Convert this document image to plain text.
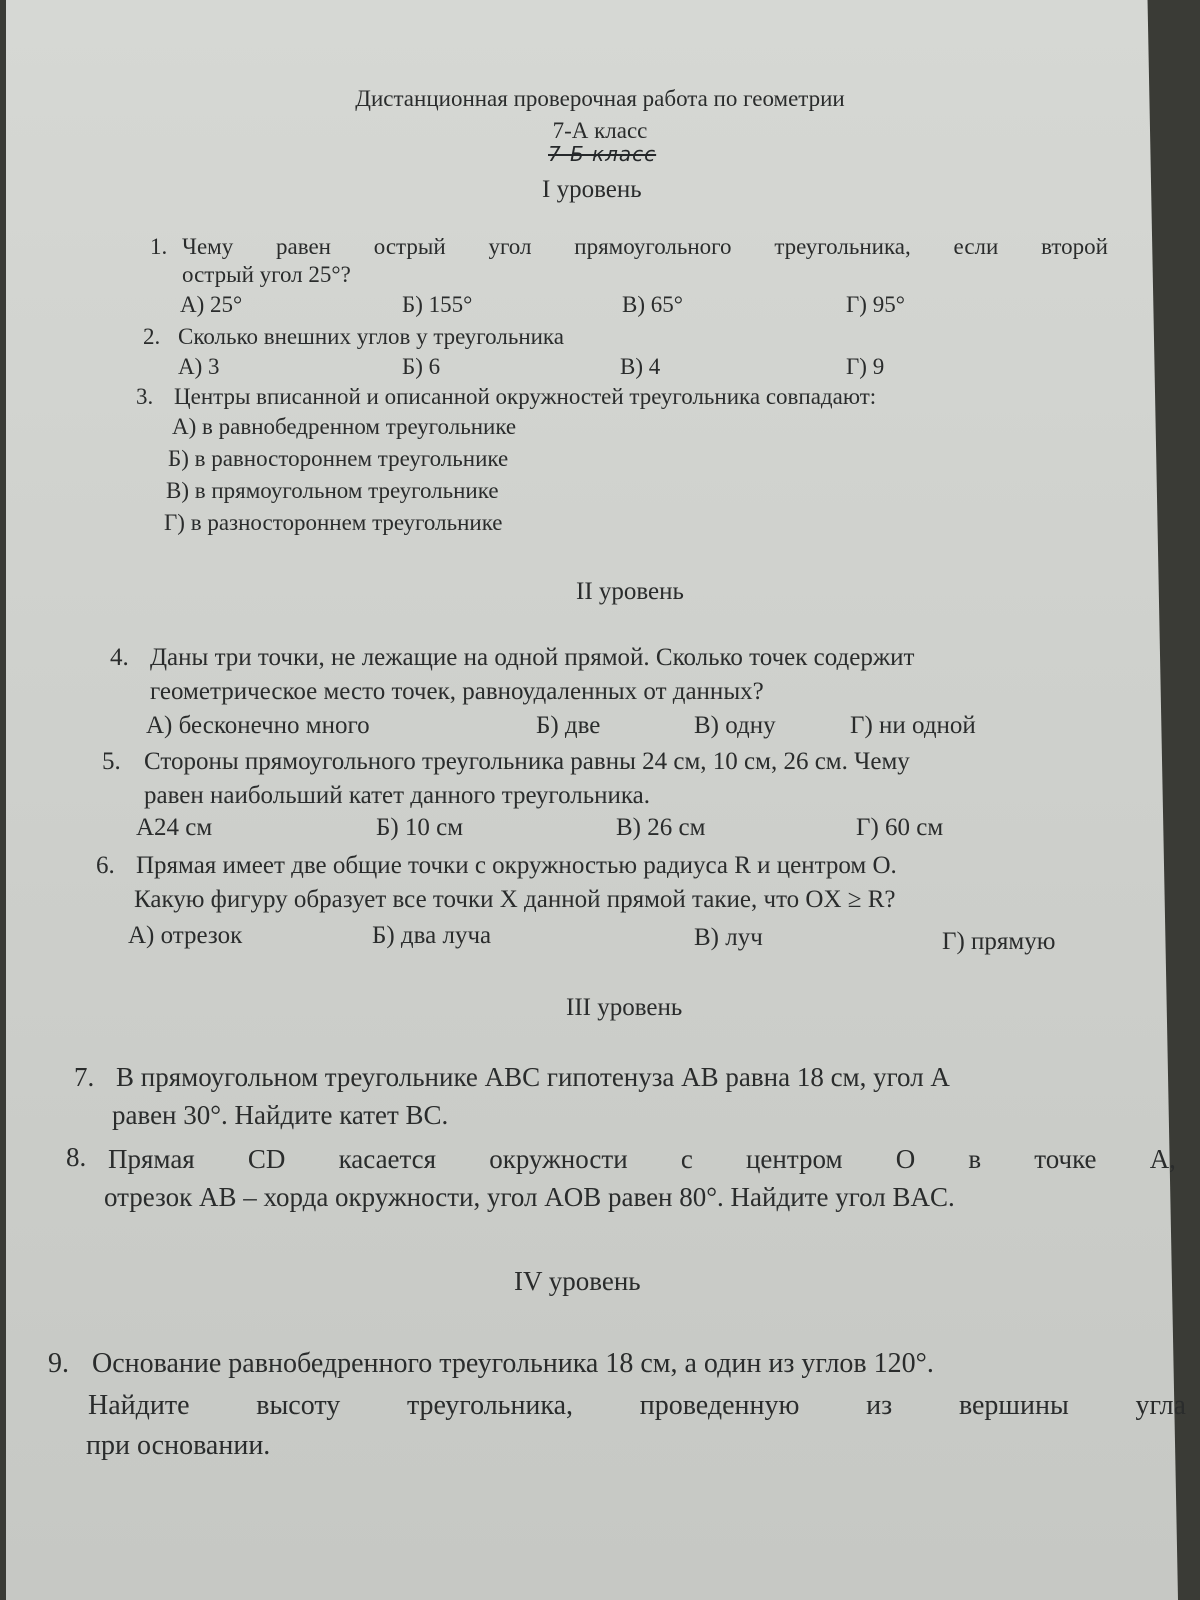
Дистанционная проверочная работа по геометрии
7-А класс
7-Б класс
I уровень
1. Чему равен острый угол прямоугольного треугольника, если второй
острый угол 25°?
А) 25°	Б) 155°	В) 65°	Г) 95°
2. Сколько внешних углов у треугольника
А) 3	Б) 6	В) 4	Г) 9
3. Центры вписанной и описанной окружностей треугольника совпадают:
А) в равнобедренном треугольнике
Б) в равностороннем треугольнике
В) в прямоугольном треугольнике
Г) в разностороннем треугольнике
II уровень
4. Даны три точки, не лежащие на одной прямой. Сколько точек содержит
геометрическое место точек, равноудаленных от данных?
А) бесконечно много	Б) две	В) одну	Г) ни одной
5. Стороны прямоугольного треугольника равны 24 см, 10 см, 26 см. Чему
равен наибольший катет данного треугольника.
А24 см	Б) 10 см	В) 26 см	Г) 60 см
6. Прямая имеет две общие точки с окружностью радиуса R и центром O.
Какую фигуру образует все точки X данной прямой такие, что OX ≥ R?
А) отрезок	Б) два луча	В) луч	Г) прямую
III уровень
7. В прямоугольном треугольнике ABC гипотенуза AB равна 18 см, угол A
равен 30°. Найдите катет BC.
8. Прямая CD касается окружности с центром O в точке A,
отрезок AB – хорда окружности, угол AOB равен 80°. Найдите угол BAC.
IV уровень
9. Основание равнобедренного треугольника 18 см, а один из углов 120°.
Найдите высоту треугольника, проведенную из вершины угла
при основании.
